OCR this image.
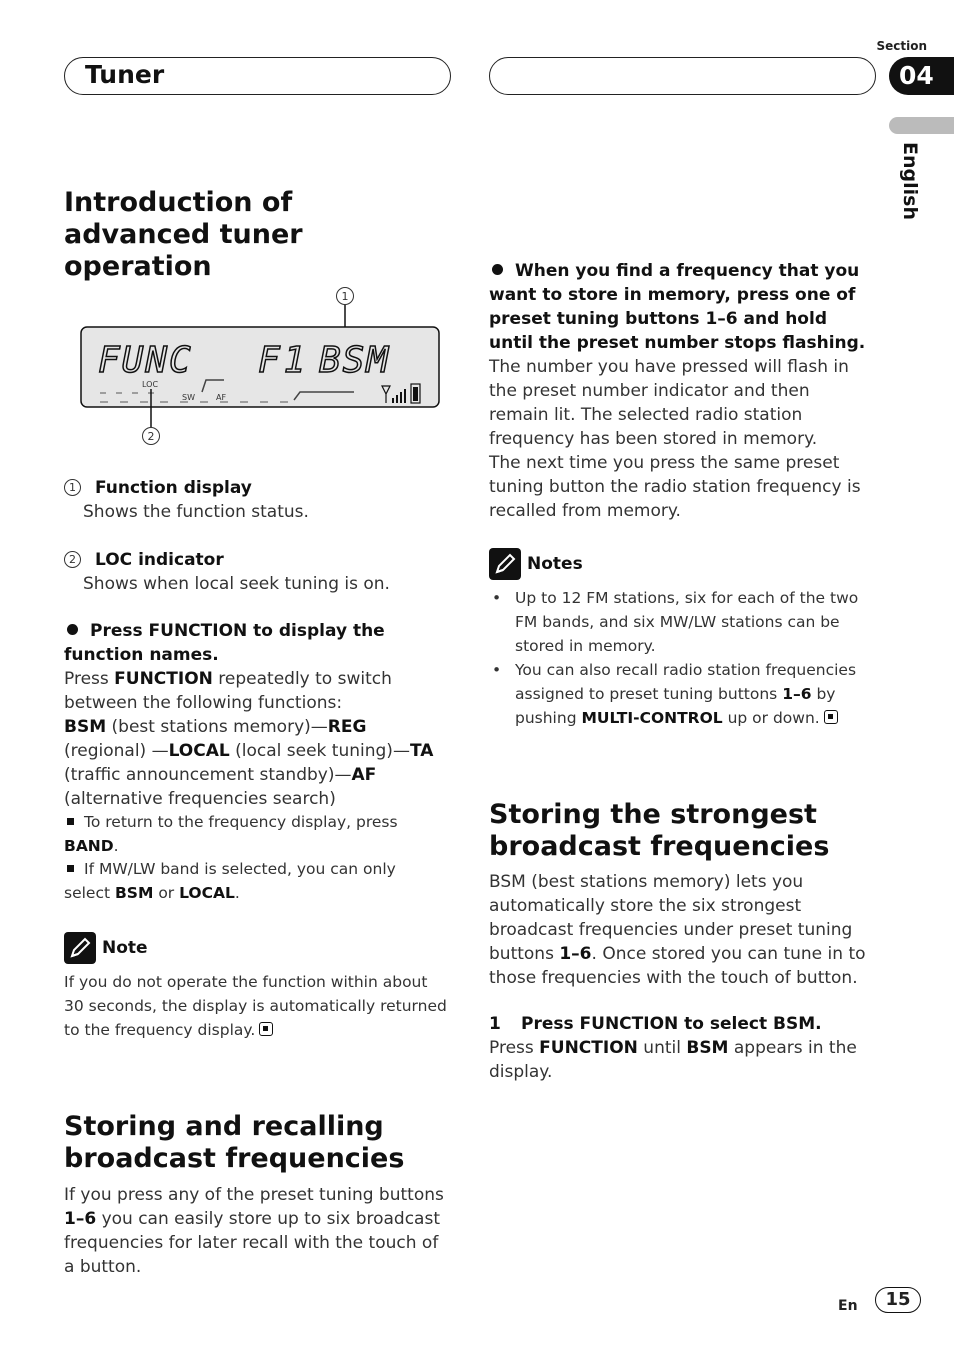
Tuner
Section
04
English
Introduction of advanced tuner operation
1
FUNC F1 BSM
LOC
SW	AF
2
1 Function display
Shows the function status.
2 LOC indicator
Shows when local seek tuning is on.

Press FUNCTION to display the function names.

Press FUNCTION repeatedly to switch between the following functions:
BSM (best stations memory)—REG (regional) —LOCAL (local seek tuning)—TA (traffic announcement standby)—AF (alternative frequencies search)

To return to the frequency display, press BAND.

If MW/LW band is selected, you can only select BSM or LOCAL.

Note

If you do not operate the function within about 30 seconds, the display is automatically returned to the frequency display.

Storing and recalling broadcast frequencies

If you press any of the preset tuning buttons 1–6 you can easily store up to six broadcast frequencies for later recall with the touch of a button.

When you find a frequency that you want to store in memory, press one of preset tuning buttons 1–6 and hold until the preset number stops flashing.

The number you have pressed will flash in the preset number indicator and then remain lit. The selected radio station frequency has been stored in memory.
The next time you press the same preset tuning button the radio station frequency is recalled from memory.

Notes
• Up to 12 FM stations, six for each of the two FM bands, and six MW/LW stations can be stored in memory.
• You can also recall radio station frequencies assigned to preset tuning buttons 1–6 by pushing MULTI-CONTROL up or down.
Storing the strongest broadcast frequencies

BSM (best stations memory) lets you automatically store the six strongest broadcast frequencies under preset tuning buttons 1–6. Once stored you can tune in to those frequencies with the touch of button.

1 Press FUNCTION to select BSM.

Press FUNCTION until BSM appears in the display.

En	15
